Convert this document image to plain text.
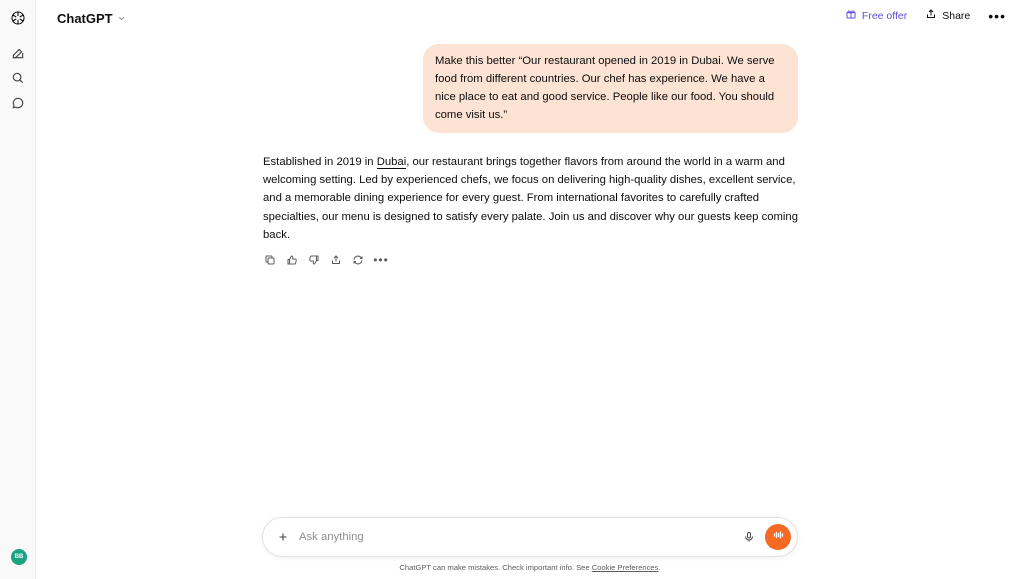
BB
ChatGPT	Free offer	Share •••
Make this better “Our restaurant opened in 2019 in Dubai. We serve food from different countries. Our chef has experience. We have a nice place to eat and good service. People like our food. You should come visit us.”
Established in 2019 in Dubai, our restaurant brings together flavors from around the world in a warm and welcoming setting. Led by experienced chefs, we focus on delivering high-quality dishes, excellent service, and a memorable dining experience for every guest. From international favorites to carefully crafted specialties, our menu is designed to satisfy every palate. Join us and discover why our guests keep coming back.
•••
Ask anything
ChatGPT can make mistakes. Check important info. See Cookie Preferences.
